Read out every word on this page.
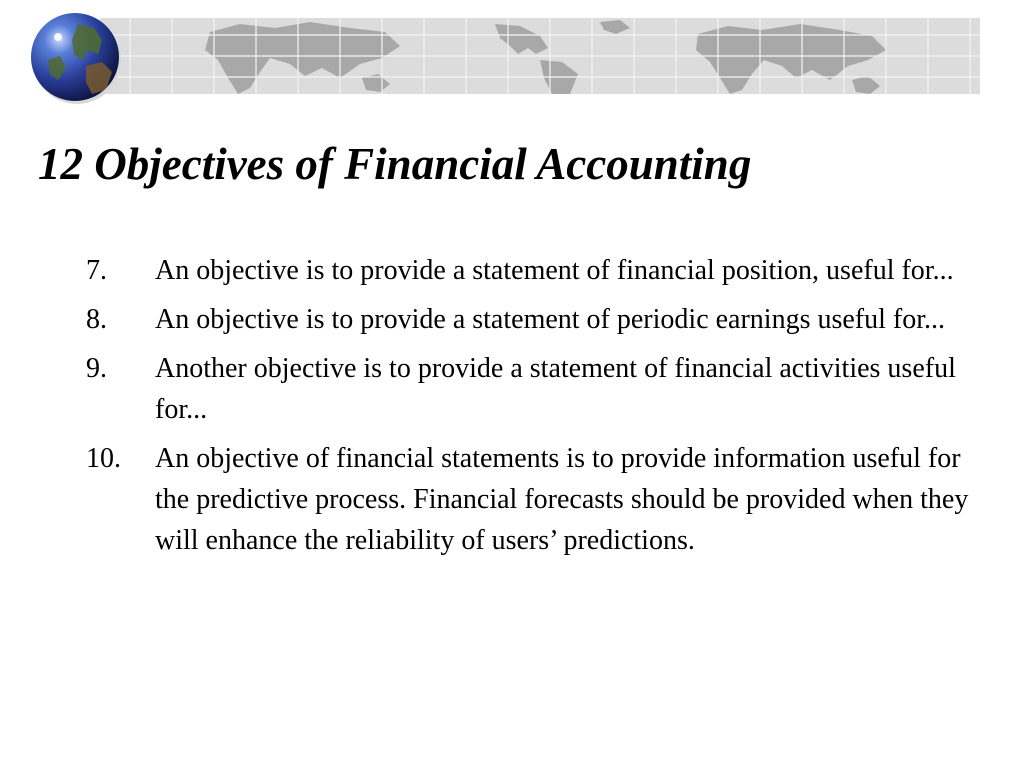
12 Objectives of Financial Accounting
7.	An objective is to provide a statement of financial position, useful for...
8.	An objective is to provide a statement of periodic earnings useful for...
9.	Another objective is to provide a statement of financial activities useful for...
10.	An objective of financial statements is to provide information useful for the predictive process. Financial forecasts should be provided when they will enhance the reliability of users’ predictions.
